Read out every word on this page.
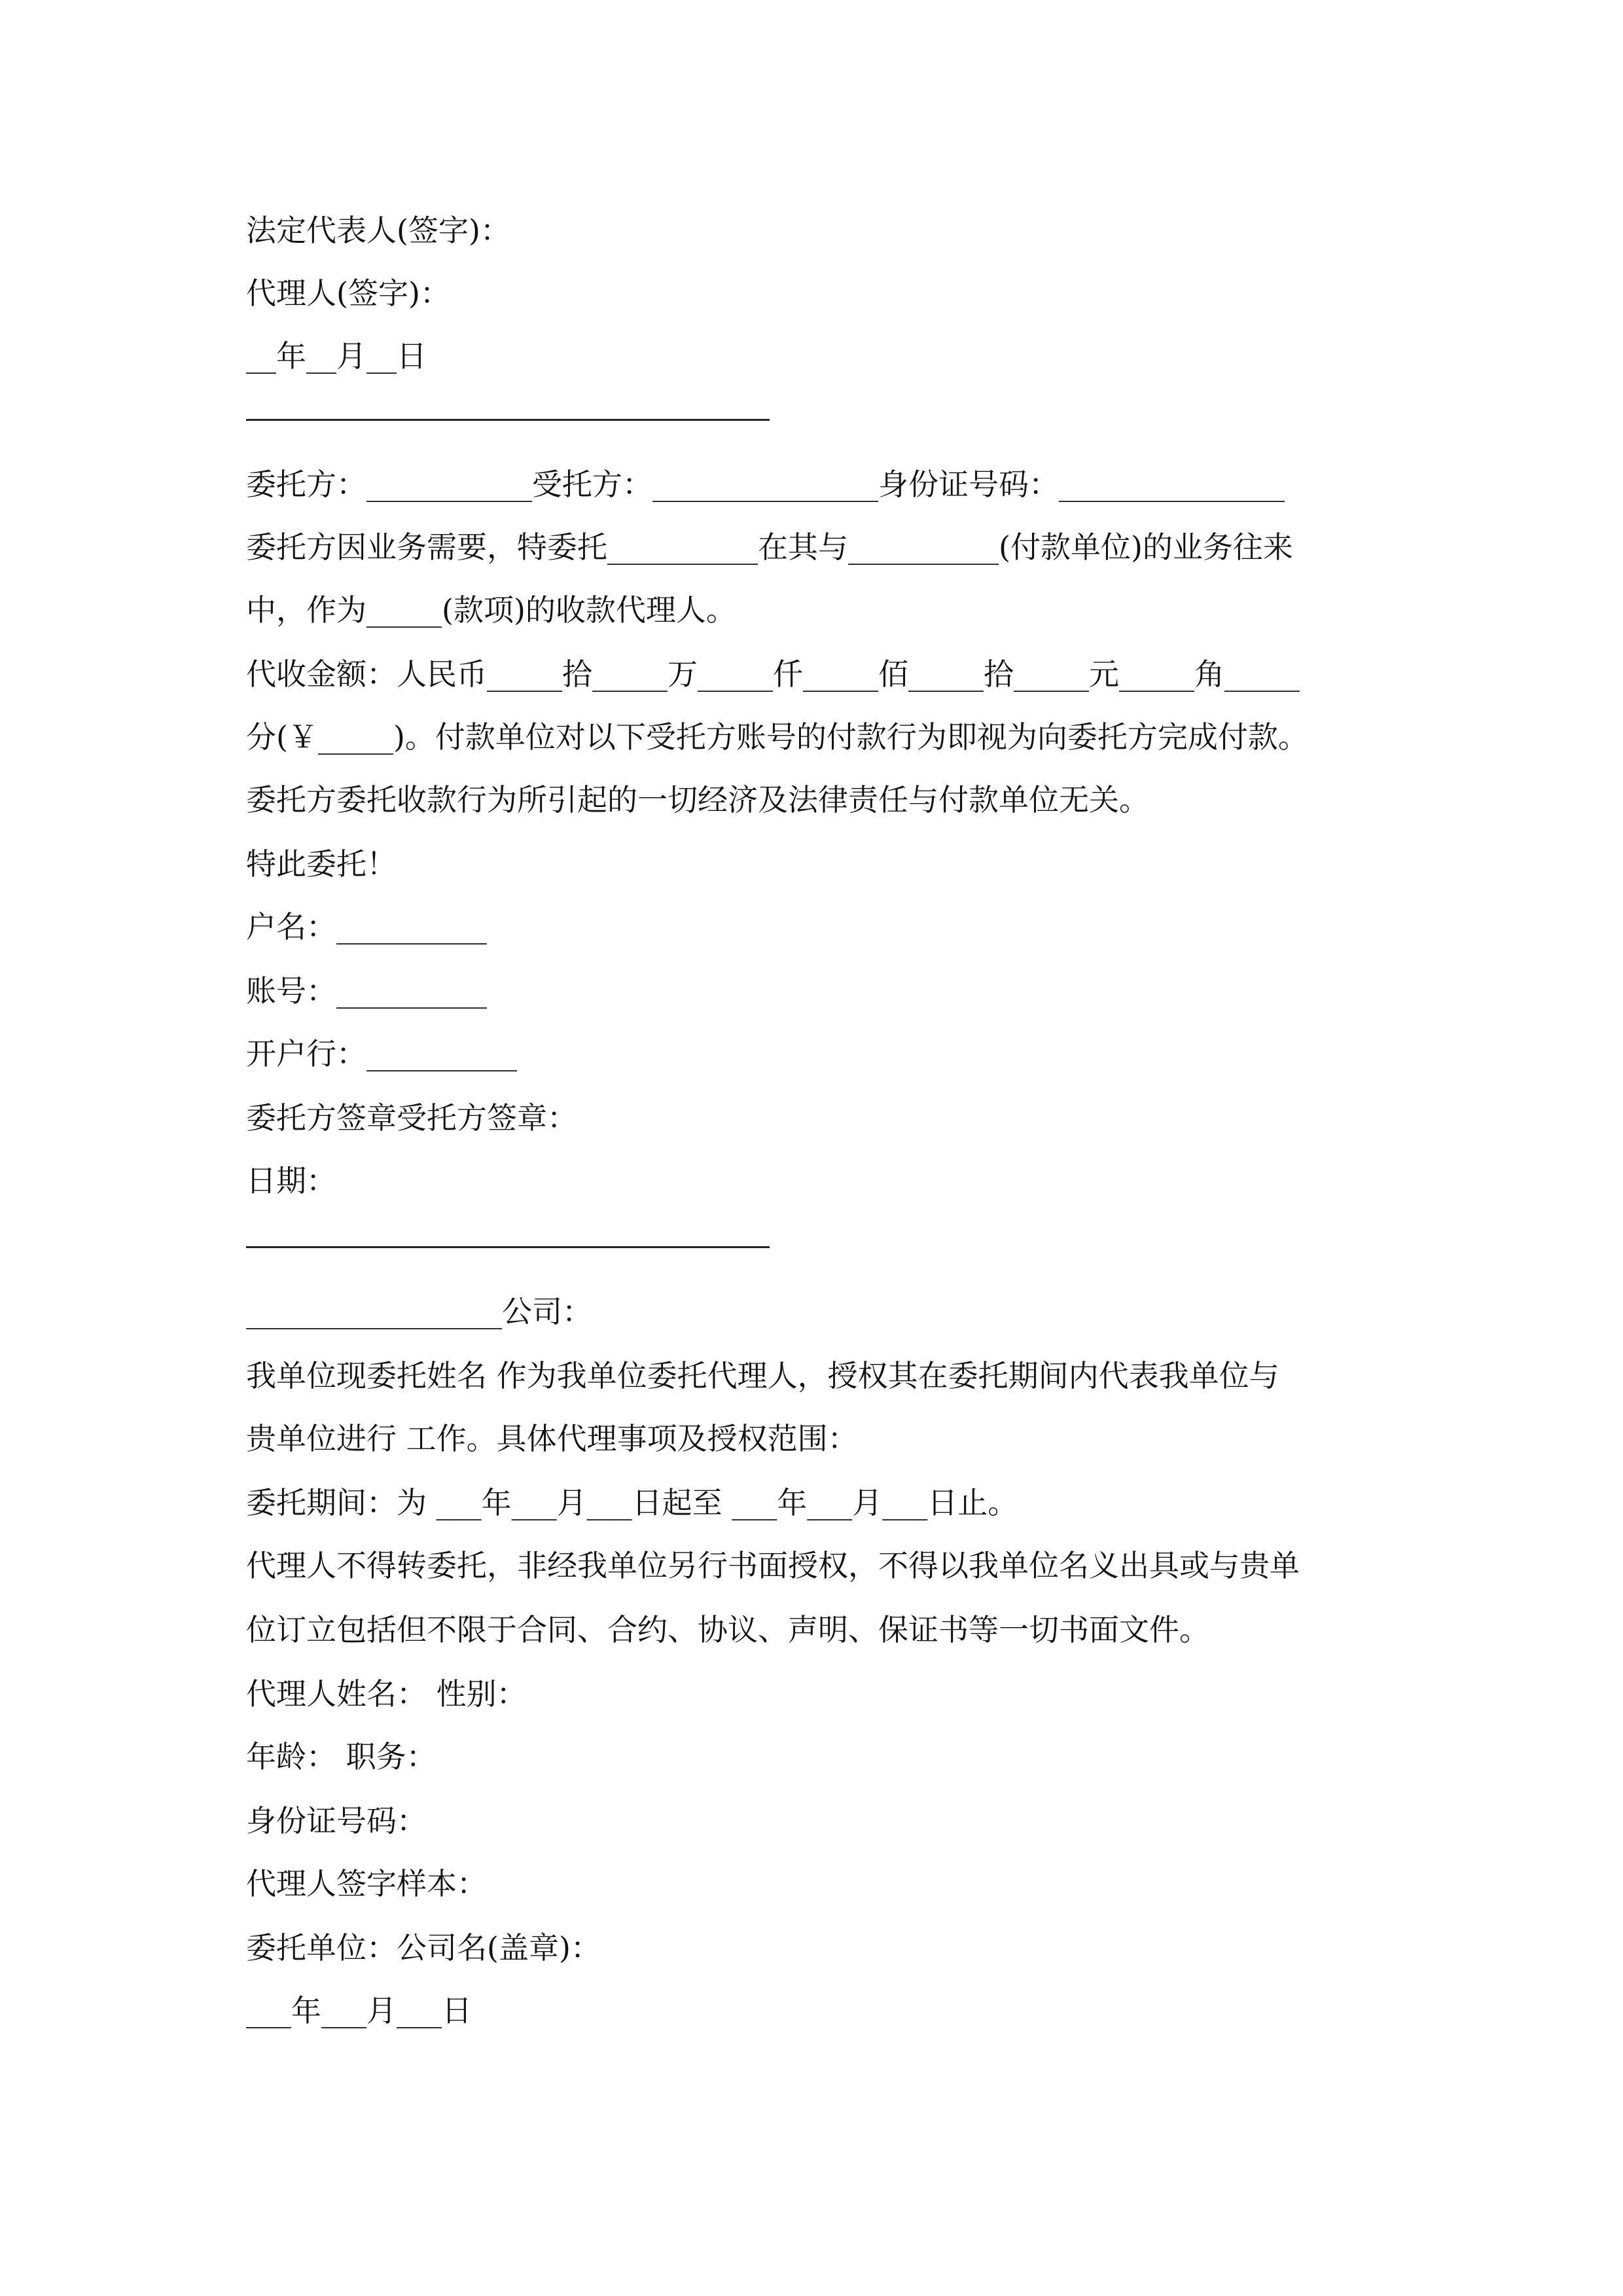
法定代表人(签字)：
代理人(签字)：
__年__月__日
委托方：___________受托方：_______________身份证号码：_______________
委托方因业务需要，特委托__________在其与__________(付款单位)的业务往来
中，作为_____(款项)的收款代理人。
代收金额：人民币_____拾_____万_____仟_____佰_____拾_____元_____角_____
分(￥_____)。付款单位对以下受托方账号的付款行为即视为向委托方完成付款。
委托方委托收款行为所引起的一切经济及法律责任与付款单位无关。
特此委托！
户名：__________
账号：__________
开户行：__________
委托方签章受托方签章：
日期：
_________________公司：
我单位现委托姓名 作为我单位委托代理人，授权其在委托期间内代表我单位与
贵单位进行 工作。具体代理事项及授权范围：
委托期间：为 ___年___月___日起至 ___年___月___日止。
代理人不得转委托，非经我单位另行书面授权，不得以我单位名义出具或与贵单
位订立包括但不限于合同、合约、协议、声明、保证书等一切书面文件。
代理人姓名： 性别：
年龄： 职务：
身份证号码：
代理人签字样本：
委托单位：公司名(盖章)：
___年___月___日
